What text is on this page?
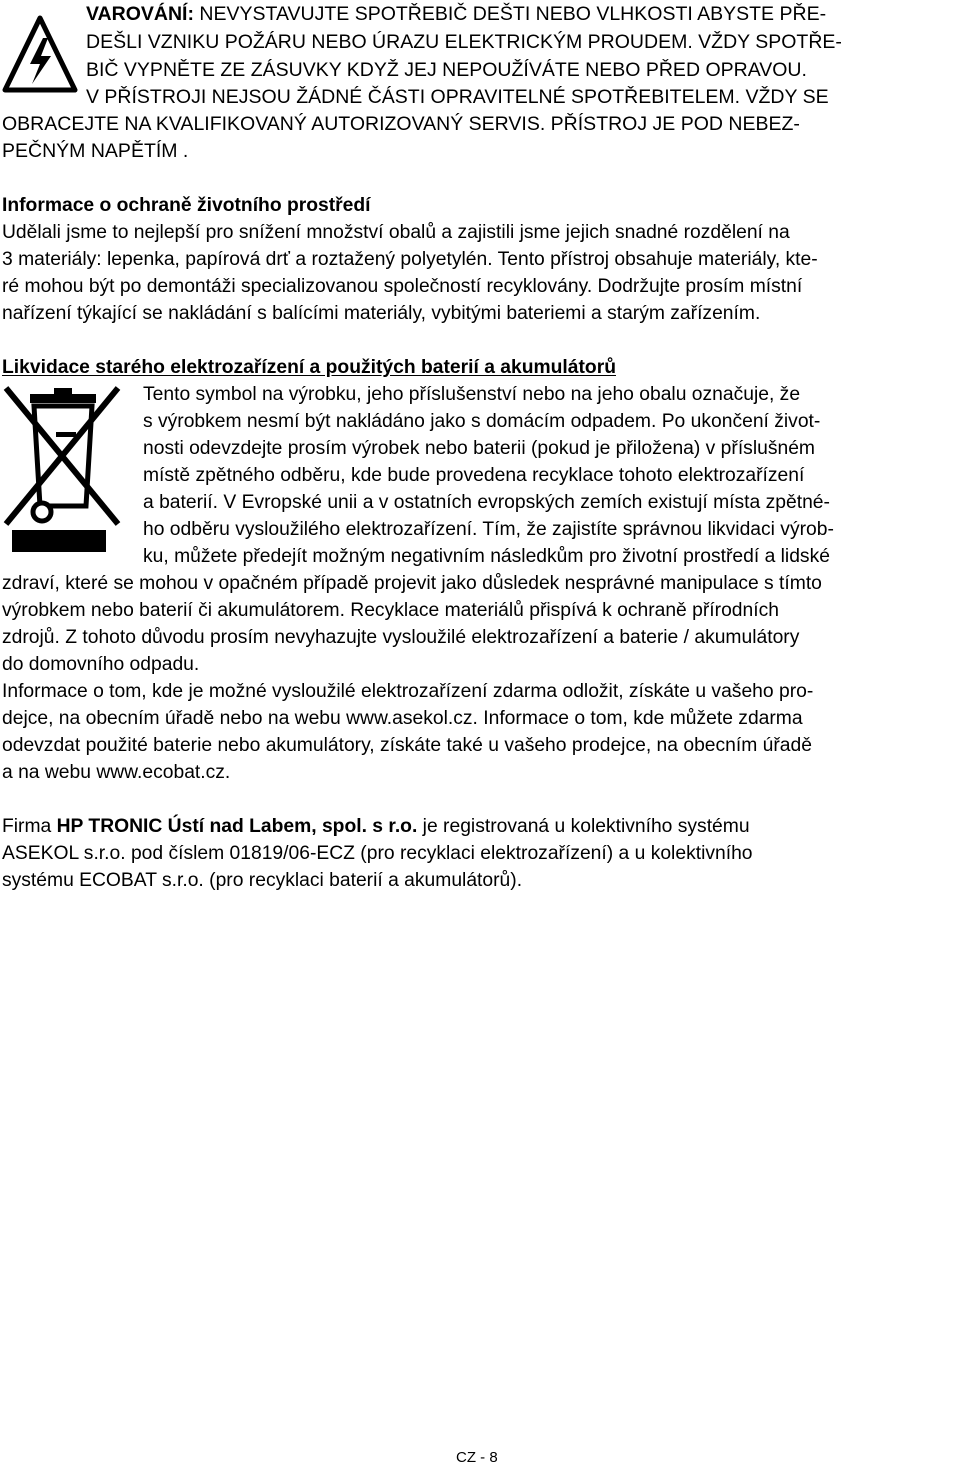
VAROVÁNÍ: NEVYSTAVUJTE SPOTŘEBIČ DEŠTI NEBO VLHKOSTI ABYSTE PŘE-
DEŠLI VZNIKU POŽÁRU NEBO ÚRAZU ELEKTRICKÝM PROUDEM. VŽDY SPOTŘE-
BIČ VYPNĚTE ZE ZÁSUVKY KDYŽ JEJ NEPOUŽÍVÁTE NEBO PŘED OPRAVOU.
V PŘÍSTROJI NEJSOU ŽÁDNÉ ČÁSTI OPRAVITELNÉ SPOTŘEBITELEM. VŽDY SE
OBRACEJTE NA KVALIFIKOVANÝ AUTORIZOVANÝ SERVIS. PŘÍSTROJ JE POD NEBEZ-
PEČNÝM NAPĚTÍM .
Informace o ochraně životního prostředí
Udělali jsme to nejlepší pro snížení množství obalů a zajistili jsme jejich snadné rozdělení na
3 materiály: lepenka, papírová drť a roztažený polyetylén. Tento přístroj obsahuje materiály, kte-
ré mohou být po demontáži specializovanou společností recyklovány. Dodržujte prosím místní
nařízení týkající se nakládání s balícími materiály, vybitými bateriemi a starým zařízením.
Likvidace starého elektrozařízení a použitých baterií a akumulátorů
Tento symbol na výrobku, jeho příslušenství nebo na jeho obalu označuje, že
s výrobkem nesmí být nakládáno jako s domácím odpadem. Po ukončení život-
nosti odevzdejte prosím výrobek nebo baterii (pokud je přiložena) v příslušném
místě zpětného odběru, kde bude provedena recyklace tohoto elektrozařízení
a baterií. V Evropské unii a v ostatních evropských zemích existují místa zpětné-
ho odběru vysloužilého elektrozařízení. Tím, že zajistíte správnou likvidaci výrob-
ku, můžete předejít možným negativním následkům pro životní prostředí a lidské
zdraví, které se mohou v opačném případě projevit jako důsledek nesprávné manipulace s tímto
výrobkem nebo baterií či akumulátorem. Recyklace materiálů přispívá k ochraně přírodních
zdrojů. Z tohoto důvodu prosím nevyhazujte vysloužilé elektrozařízení a baterie / akumulátory
do domovního odpadu.
Informace o tom, kde je možné vysloužilé elektrozařízení zdarma odložit, získáte u vašeho pro-
dejce, na obecním úřadě nebo na webu www.asekol.cz. Informace o tom, kde můžete zdarma
odevzdat použité baterie nebo akumulátory, získáte také u vašeho prodejce, na obecním úřadě
a na webu www.ecobat.cz.
Firma HP TRONIC Ústí nad Labem, spol. s r.o. je registrovaná u kolektivního systému
ASEKOL s.r.o. pod číslem 01819/06-ECZ (pro recyklaci elektrozařízení) a u kolektivního
systému ECOBAT s.r.o. (pro recyklaci baterií a akumulátorů).
CZ - 8
